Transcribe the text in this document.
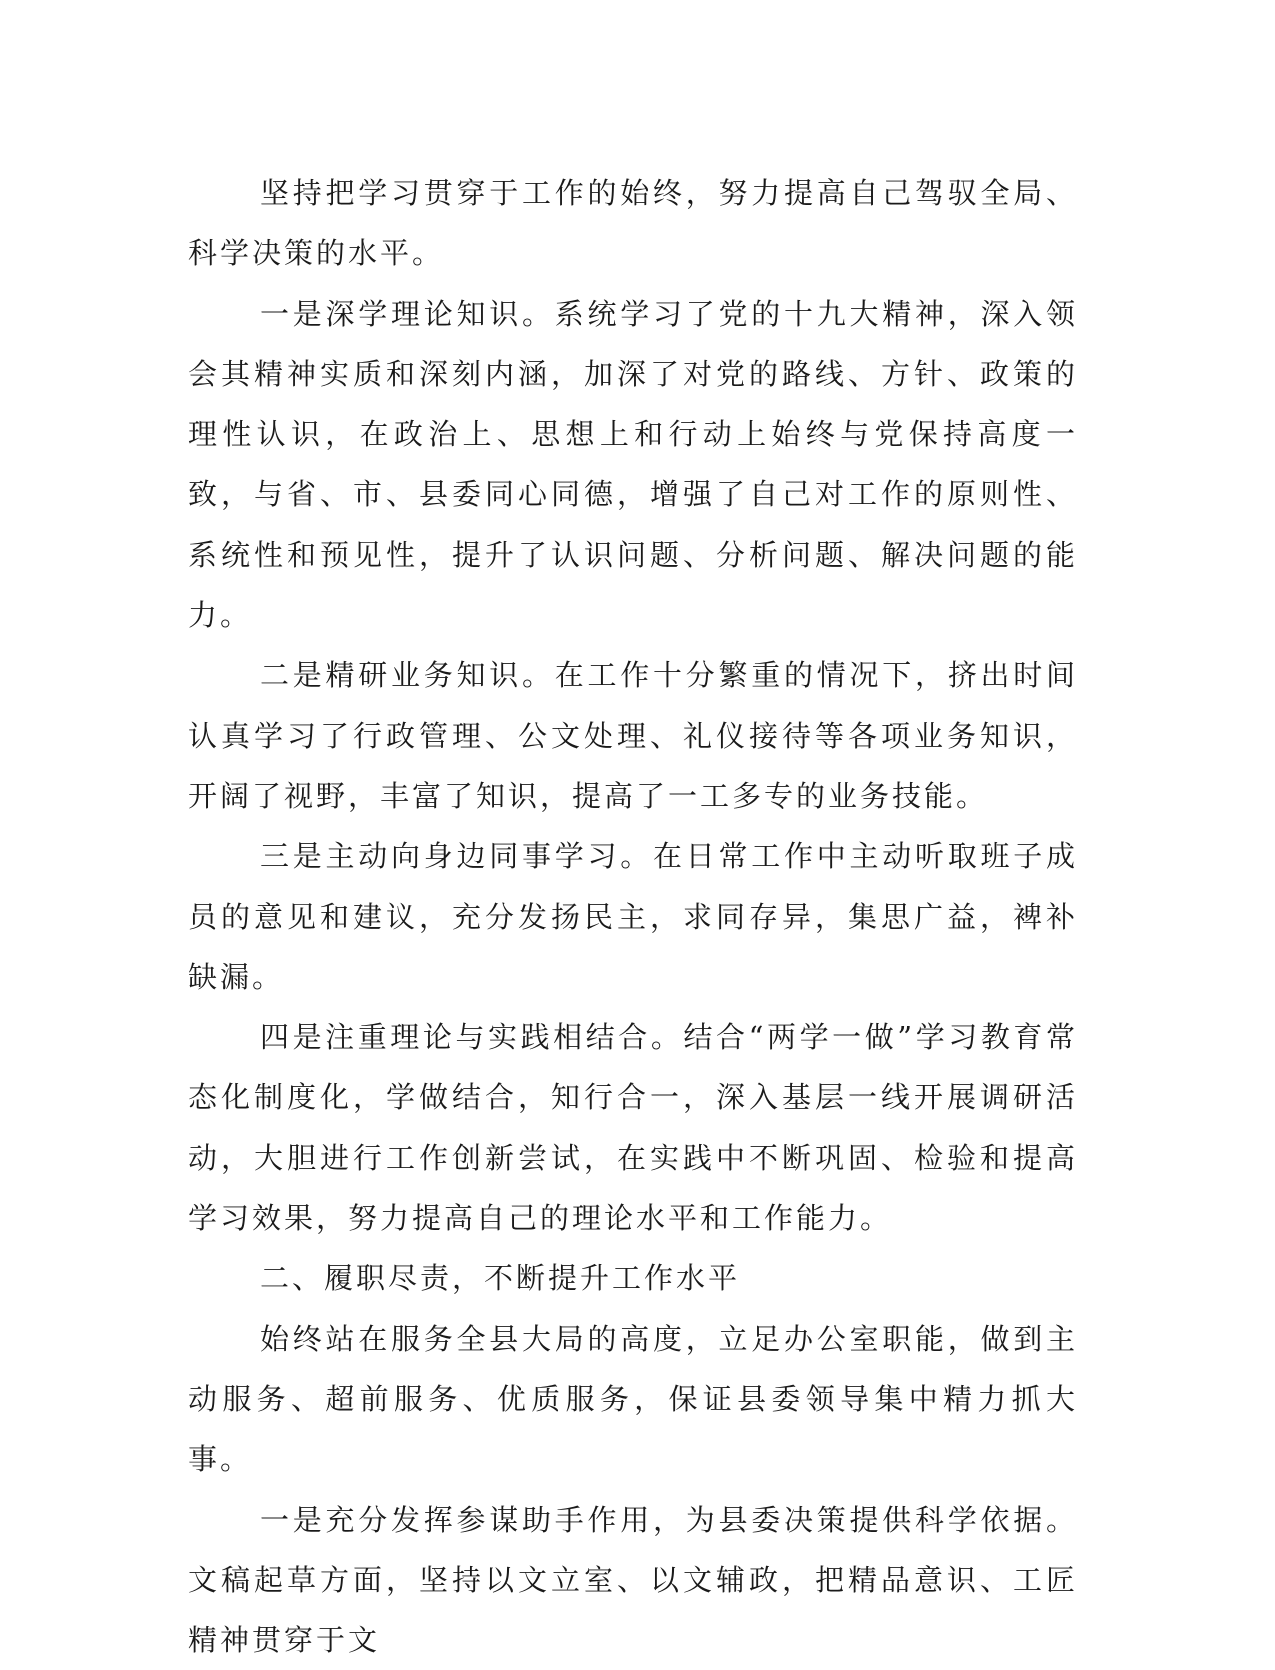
坚持把学习贯穿于工作的始终，努力提高自己驾驭全局、科学决策的水平。

一是深学理论知识。系统学习了党的十九大精神，深入领会其精神实质和深刻内涵，加深了对党的路线、方针、政策的理性认识，在政治上、思想上和行动上始终与党保持高度一致，与省、市、县委同心同德，增强了自己对工作的原则性、系统性和预见性，提升了认识问题、分析问题、解决问题的能力。

二是精研业务知识。在工作十分繁重的情况下，挤出时间认真学习了行政管理、公文处理、礼仪接待等各项业务知识，开阔了视野，丰富了知识，提高了一工多专的业务技能。

三是主动向身边同事学习。在日常工作中主动听取班子成员的意见和建议，充分发扬民主，求同存异，集思广益，裨补缺漏。

四是注重理论与实践相结合。结合“两学一做”学习教育常态化制度化，学做结合，知行合一，深入基层一线开展调研活动，大胆进行工作创新尝试，在实践中不断巩固、检验和提高学习效果，努力提高自己的理论水平和工作能力。

二、履职尽责，不断提升工作水平

始终站在服务全县大局的高度，立足办公室职能，做到主动服务、超前服务、优质服务，保证县委领导集中精力抓大事。

一是充分发挥参谋助手作用，为县委决策提供科学依据。文稿起草方面，坚持以文立室、以文辅政，把精品意识、工匠精神贯穿于文
